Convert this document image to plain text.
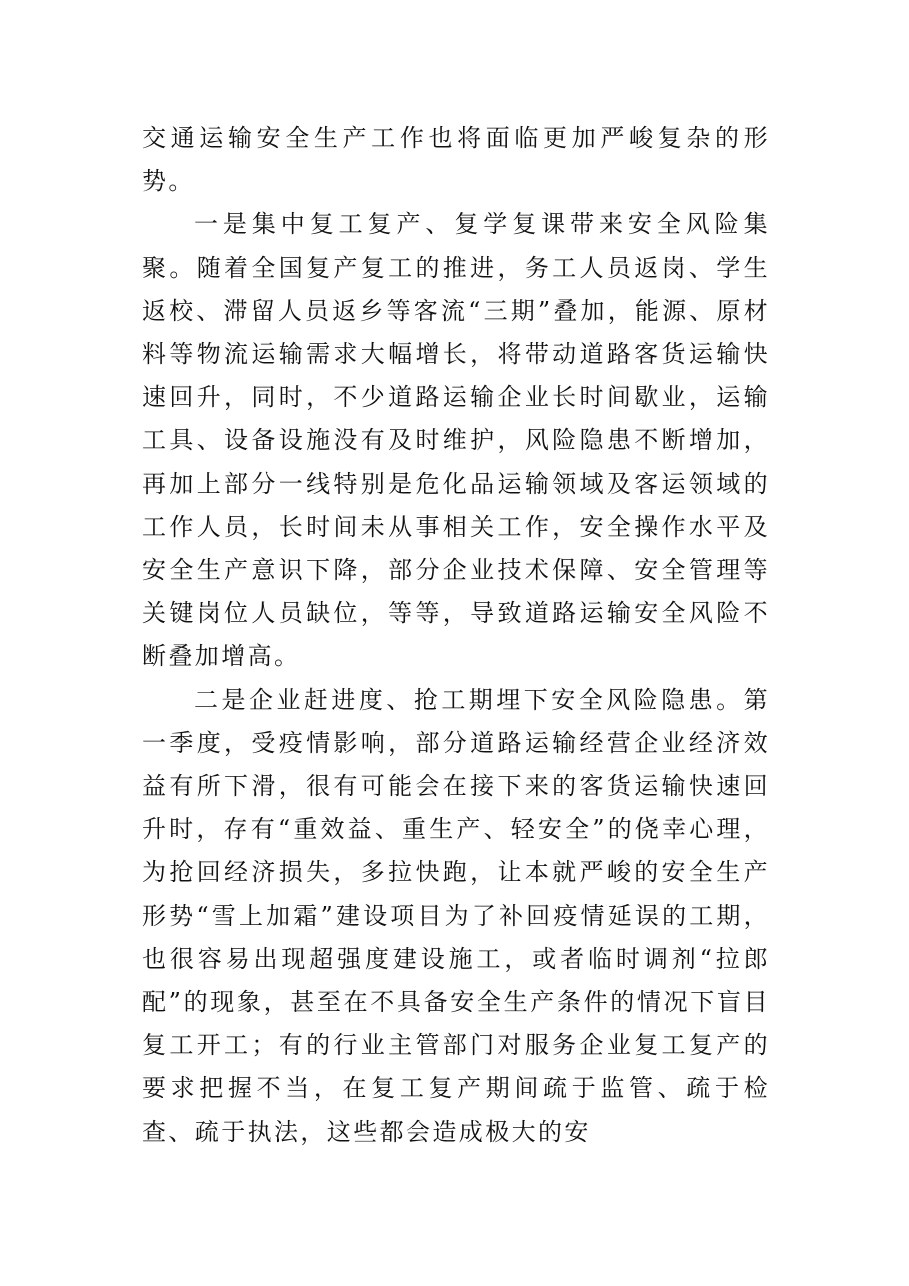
交通运输安全生产工作也将面临更加严峻复杂的形势。

一是集中复工复产、复学复课带来安全风险集聚。随着全国复产复工的推进，务工人员返岗、学生返校、滞留人员返乡等客流“三期”叠加，能源、原材料等物流运输需求大幅增长，将带动道路客货运输快速回升，同时，不少道路运输企业长时间歇业，运输工具、设备设施没有及时维护，风险隐患不断增加，再加上部分一线特别是危化品运输领域及客运领域的工作人员，长时间未从事相关工作，安全操作水平及安全生产意识下降，部分企业技术保障、安全管理等关键岗位人员缺位，等等，导致道路运输安全风险不断叠加增高。

二是企业赶进度、抢工期埋下安全风险隐患。第一季度，受疫情影响，部分道路运输经营企业经济效益有所下滑，很有可能会在接下来的客货运输快速回升时，存有“重效益、重生产、轻安全”的侥幸心理，为抢回经济损失，多拉快跑，让本就严峻的安全生产形势“雪上加霜”建设项目为了补回疫情延误的工期，也很容易出现超强度建设施工，或者临时调剂“拉郎配”的现象，甚至在不具备安全生产条件的情况下盲目复工开工；有的行业主管部门对服务企业复工复产的要求把握不当，在复工复产期间疏于监管、疏于检查、疏于执法，这些都会造成极大的安
